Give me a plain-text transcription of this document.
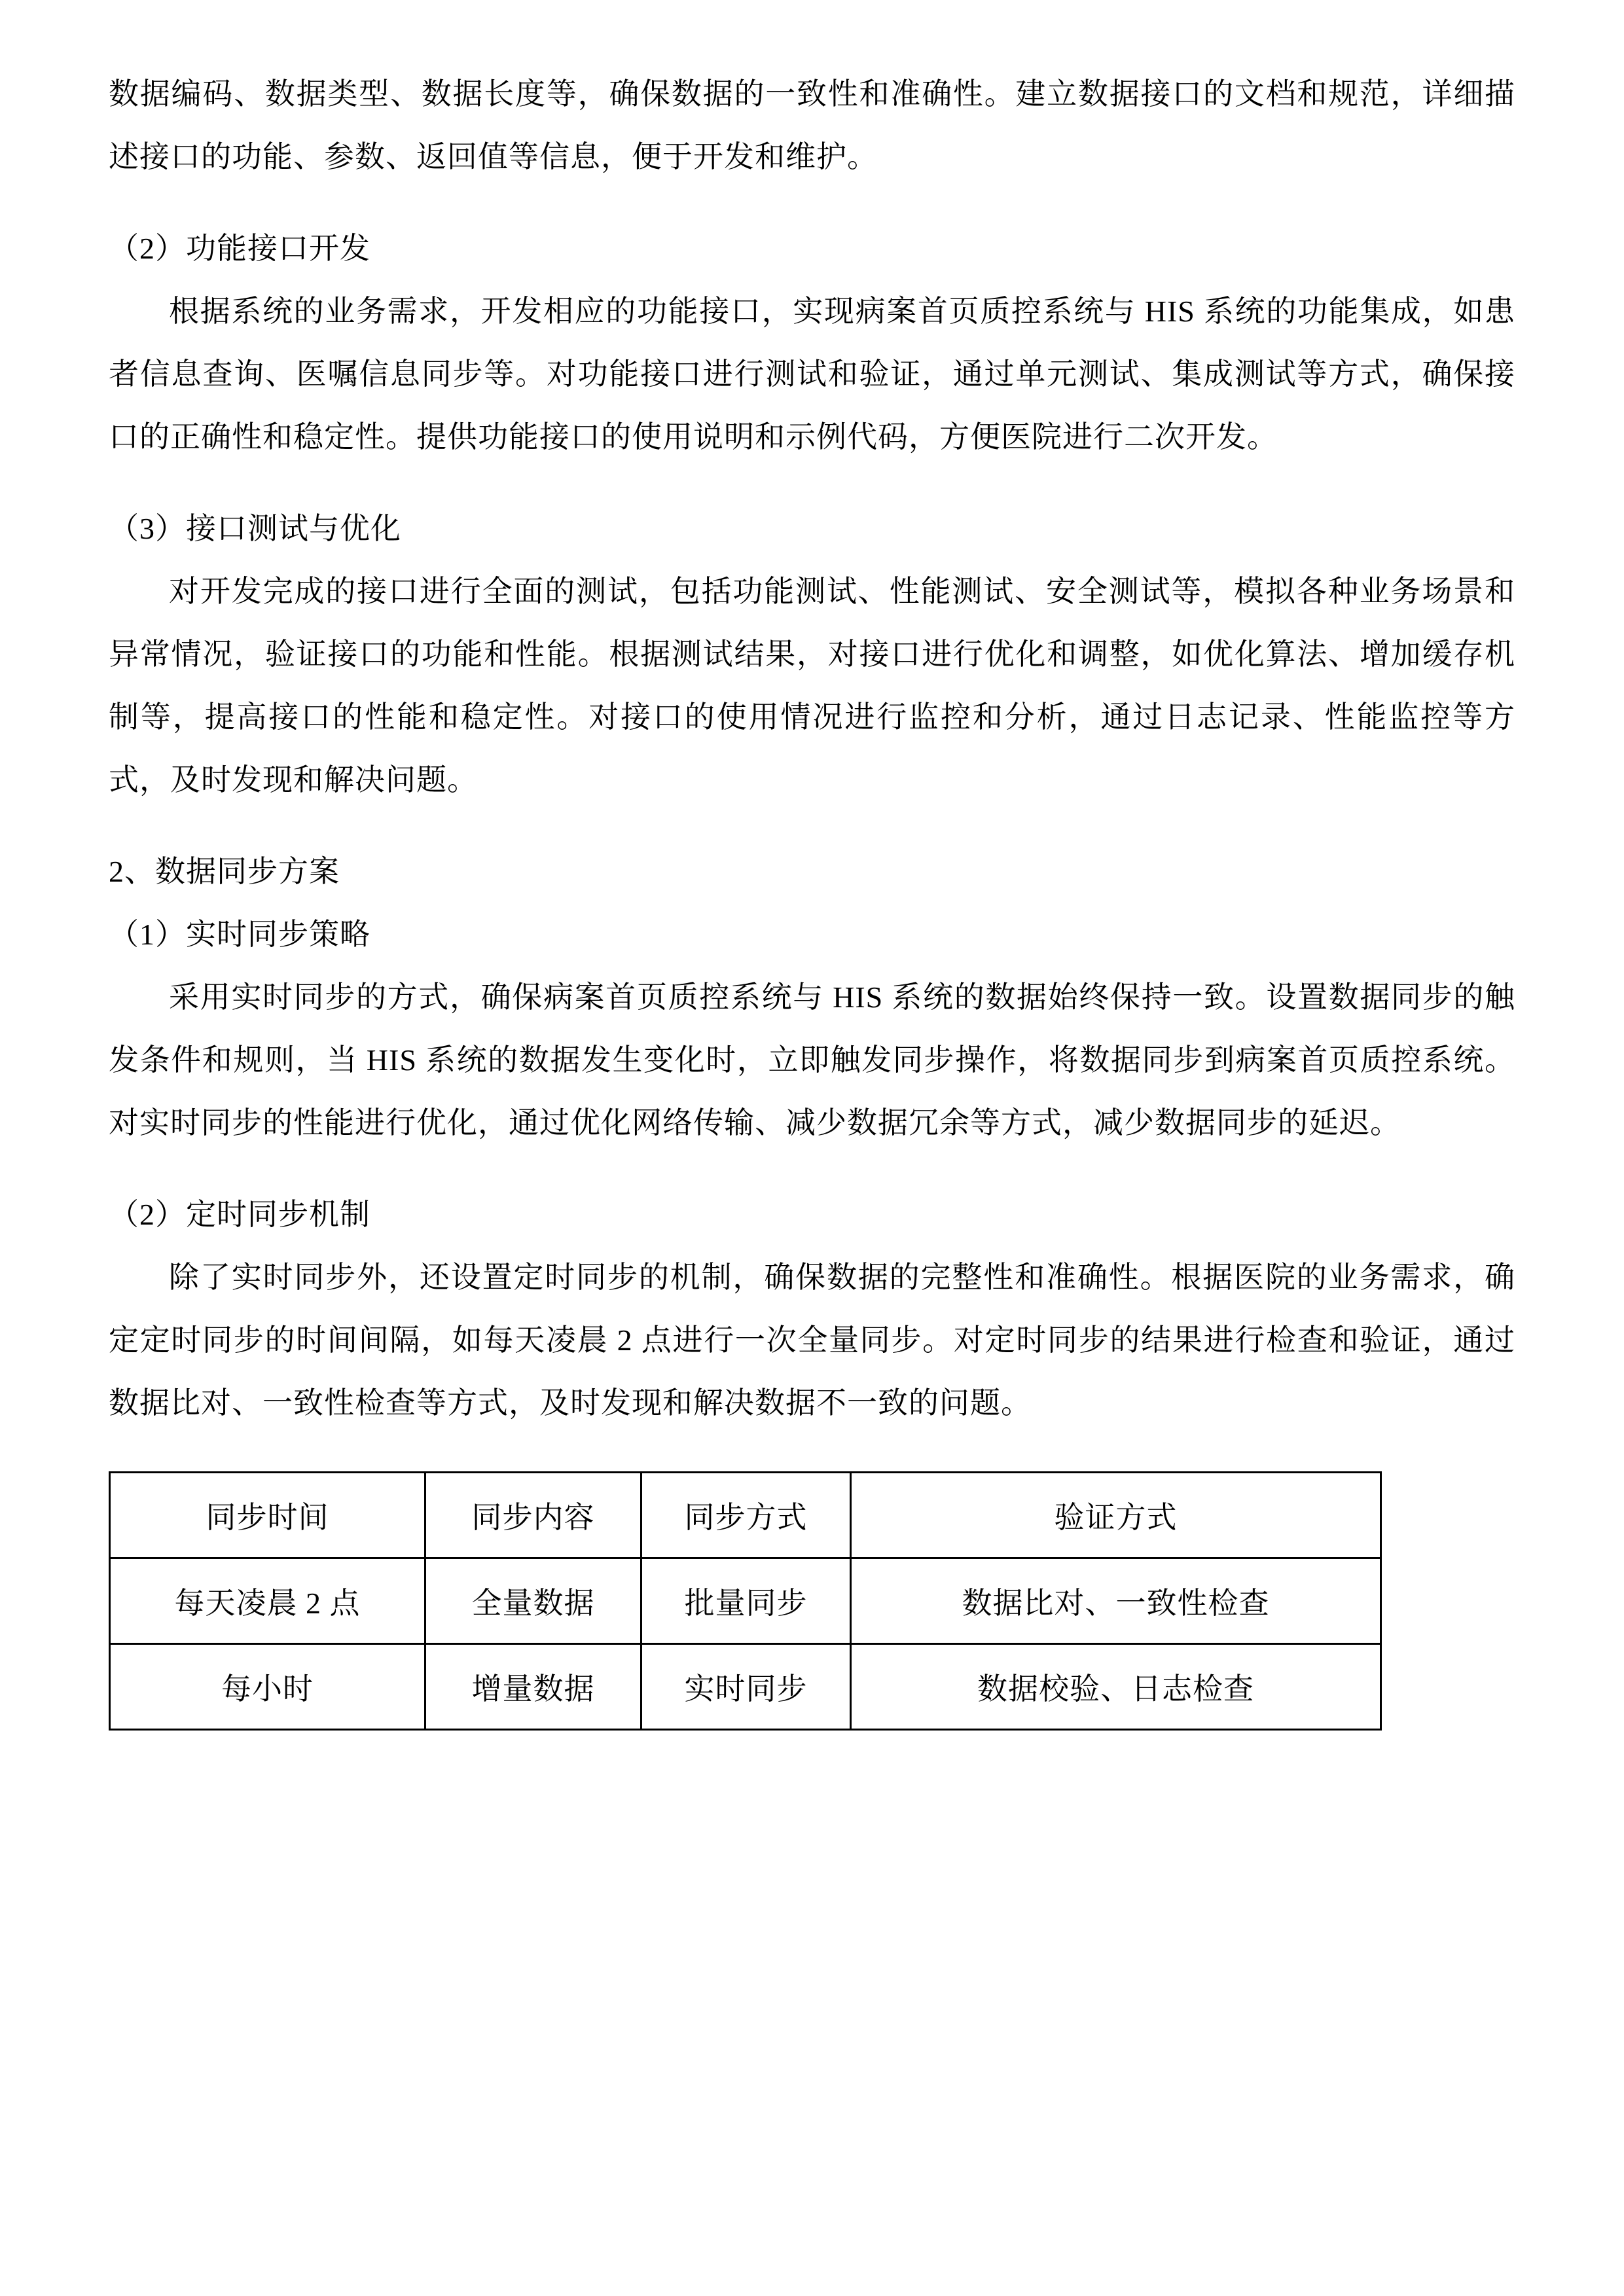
数据编码、数据类型、数据长度等，确保数据的一致性和准确性。建立数据接口的文档和规范，详细描述接口的功能、参数、返回值等信息，便于开发和维护。

（2）功能接口开发

根据系统的业务需求，开发相应的功能接口，实现病案首页质控系统与 HIS 系统的功能集成，如患者信息查询、医嘱信息同步等。对功能接口进行测试和验证，通过单元测试、集成测试等方式，确保接口的正确性和稳定性。提供功能接口的使用说明和示例代码，方便医院进行二次开发。

（3）接口测试与优化

对开发完成的接口进行全面的测试，包括功能测试、性能测试、安全测试等，模拟各种业务场景和异常情况，验证接口的功能和性能。根据测试结果，对接口进行优化和调整，如优化算法、增加缓存机制等，提高接口的性能和稳定性。对接口的使用情况进行监控和分析，通过日志记录、性能监控等方式，及时发现和解决问题。

2、数据同步方案

（1）实时同步策略

采用实时同步的方式，确保病案首页质控系统与 HIS 系统的数据始终保持一致。设置数据同步的触发条件和规则，当 HIS 系统的数据发生变化时，立即触发同步操作，将数据同步到病案首页质控系统。对实时同步的性能进行优化，通过优化网络传输、减少数据冗余等方式，减少数据同步的延迟。

（2）定时同步机制

除了实时同步外，还设置定时同步的机制，确保数据的完整性和准确性。根据医院的业务需求，确定定时同步的时间间隔，如每天凌晨 2 点进行一次全量同步。对定时同步的结果进行检查和验证，通过数据比对、一致性检查等方式，及时发现和解决数据不一致的问题。

同步时间	同步内容	同步方式	验证方式
每天凌晨 2 点	全量数据	批量同步	数据比对、一致性检查
每小时	增量数据	实时同步	数据校验、日志检查
